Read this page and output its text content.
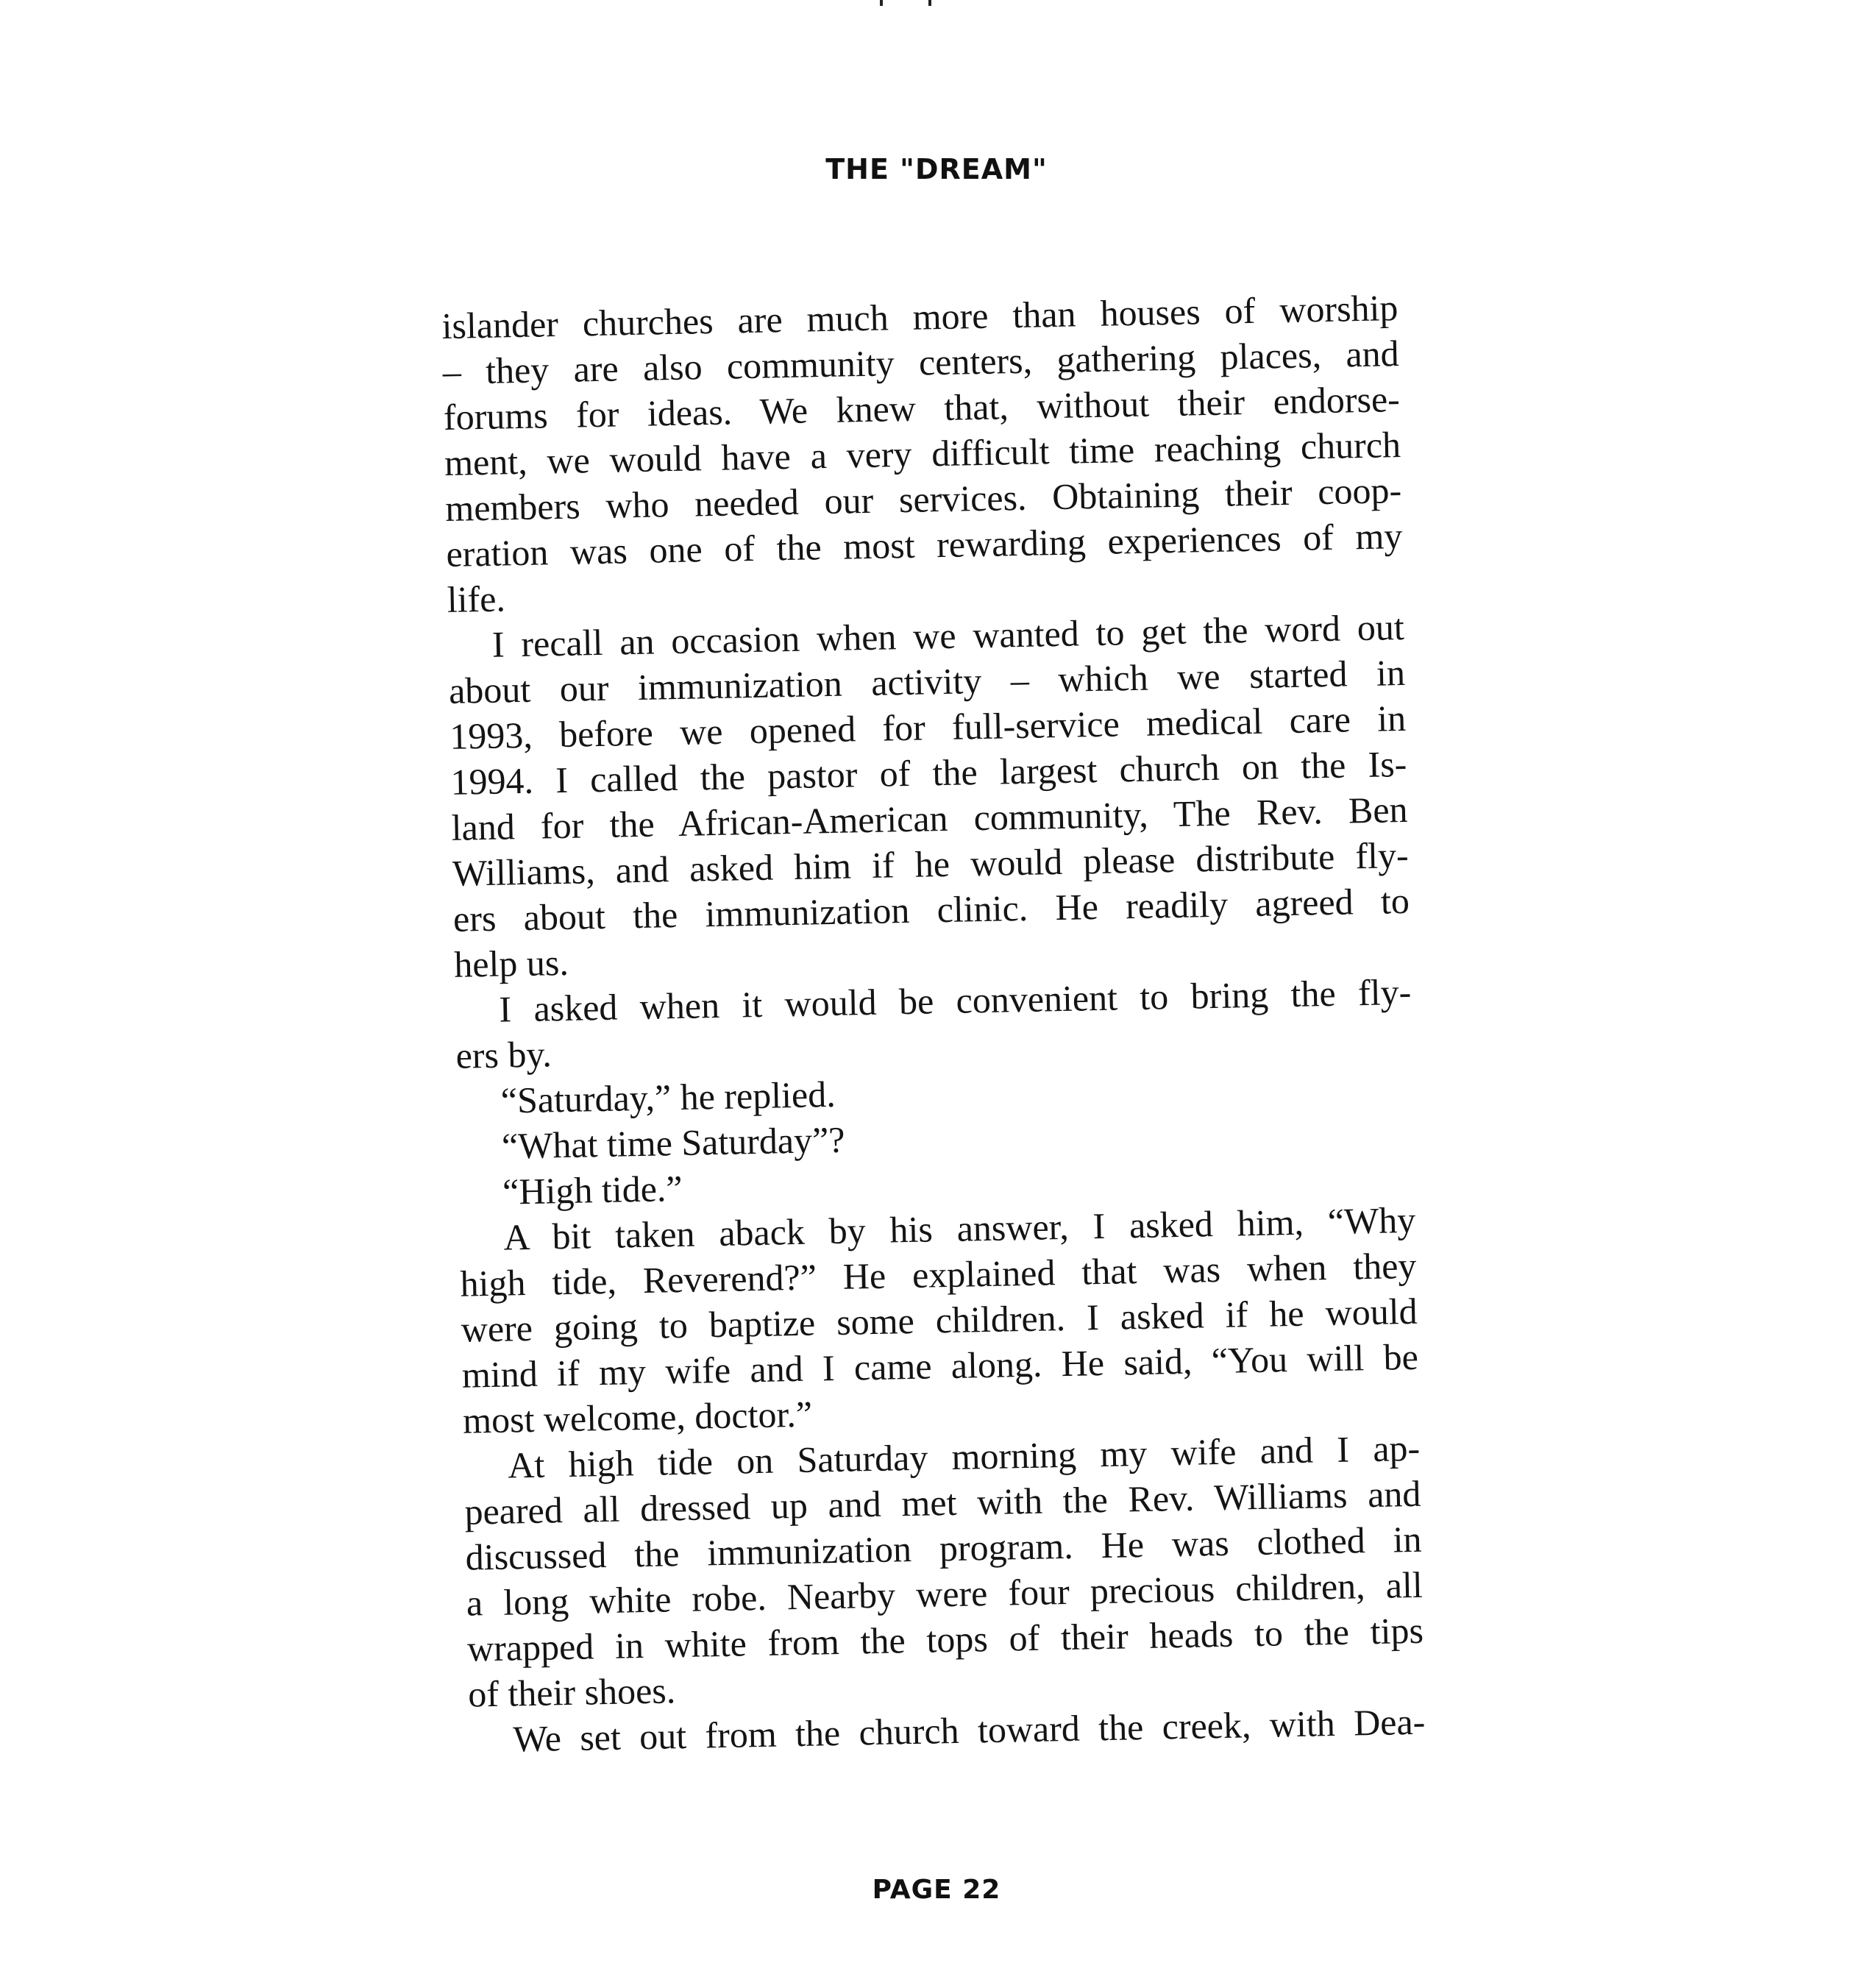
THE "DREAM"
islander churches are much more than houses of worship
– they are also community centers, gathering places, and
forums for ideas. We knew that, without their endorse-
ment, we would have a very difficult time reaching church
members who needed our services. Obtaining their coop-
eration was one of the most rewarding experiences of my
life.
I recall an occasion when we wanted to get the word out
about our immunization activity – which we started in
1993, before we opened for full-service medical care in
1994. I called the pastor of the largest church on the Is-
land for the African-American community, The Rev. Ben
Williams, and asked him if he would please distribute fly-
ers about the immunization clinic. He readily agreed to
help us.
I asked when it would be convenient to bring the fly-
ers by.
“Saturday,” he replied.
“What time Saturday”?
“High tide.”
A bit taken aback by his answer, I asked him, “Why
high tide, Reverend?” He explained that was when they
were going to baptize some children. I asked if he would
mind if my wife and I came along. He said, “You will be
most welcome, doctor.”
At high tide on Saturday morning my wife and I ap-
peared all dressed up and met with the Rev. Williams and
discussed the immunization program. He was clothed in
a long white robe. Nearby were four precious children, all
wrapped in white from the tops of their heads to the tips
of their shoes.
We set out from the church toward the creek, with Dea-
PAGE 22
